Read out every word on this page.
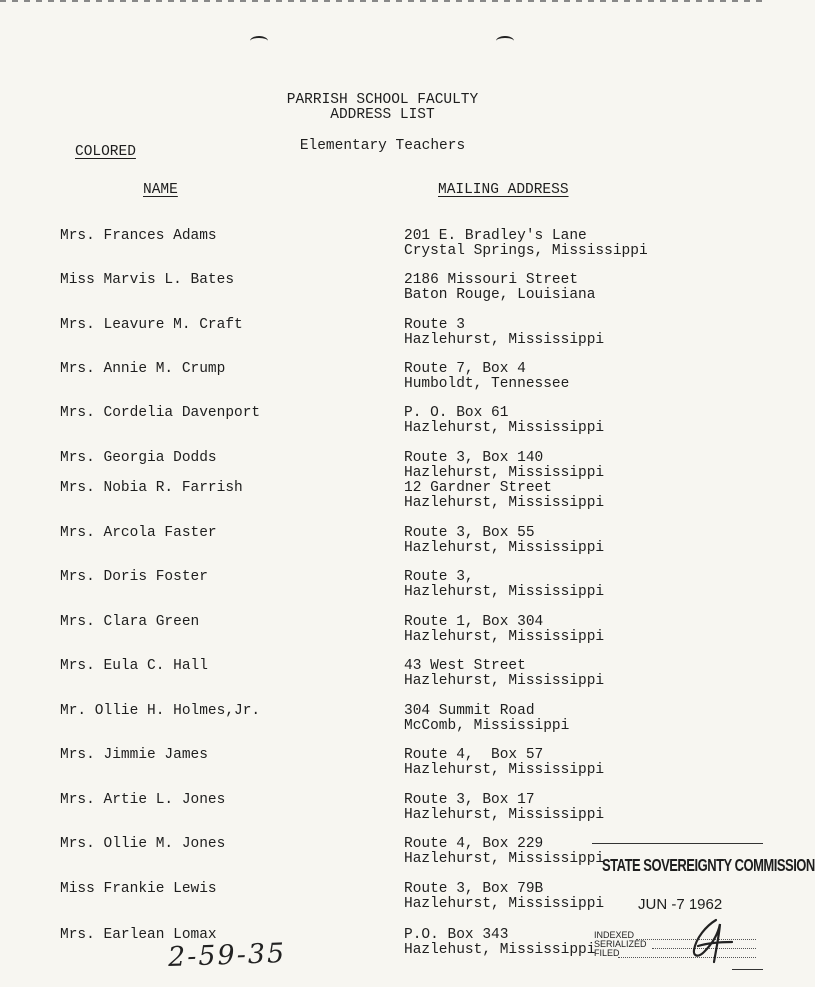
PARRISH SCHOOL FACULTY
ADDRESS LIST
Elementary Teachers
COLORED
NAME	MAILING ADDRESS
Mrs. Frances Adams	201 E. Bradley's Lane
Crystal Springs, Mississippi
Miss Marvis L. Bates	2186 Missouri Street
Baton Rouge, Louisiana
Mrs. Leavure M. Craft	Route 3
Hazlehurst, Mississippi
Mrs. Annie M. Crump	Route 7, Box 4
Humboldt, Tennessee
Mrs. Cordelia Davenport	P. O. Box 61
Hazlehurst, Mississippi
Mrs. Georgia Dodds	Route 3, Box 140
Hazlehurst, Mississippi
Mrs. Nobia R. Farrish	12 Gardner Street
Hazlehurst, Mississippi
Mrs. Arcola Faster	Route 3, Box 55
Hazlehurst, Mississippi
Mrs. Doris Foster	Route 3,
Hazlehurst, Mississippi
Mrs. Clara Green	Route 1, Box 304
Hazlehurst, Mississippi
Mrs. Eula C. Hall	43 West Street
Hazlehurst, Mississippi
Mr. Ollie H. Holmes,Jr.	304 Summit Road
McComb, Mississippi
Mrs. Jimmie James	Route 4,  Box 57
Hazlehurst, Mississippi
Mrs. Artie L. Jones	Route 3, Box 17
Hazlehurst, Mississippi
Mrs. Ollie M. Jones	Route 4, Box 229
Hazlehurst, Mississippi
Miss Frankie Lewis	Route 3, Box 79B
Hazlehurst, Mississippi
Mrs. Earlean Lomax	P.O. Box 343
Hazlehust, Mississippi
STATE SOVEREIGNTY COMMISSION
JUN -7 1962
INDEXED
SERIALIZED
FILED
2-59-35
